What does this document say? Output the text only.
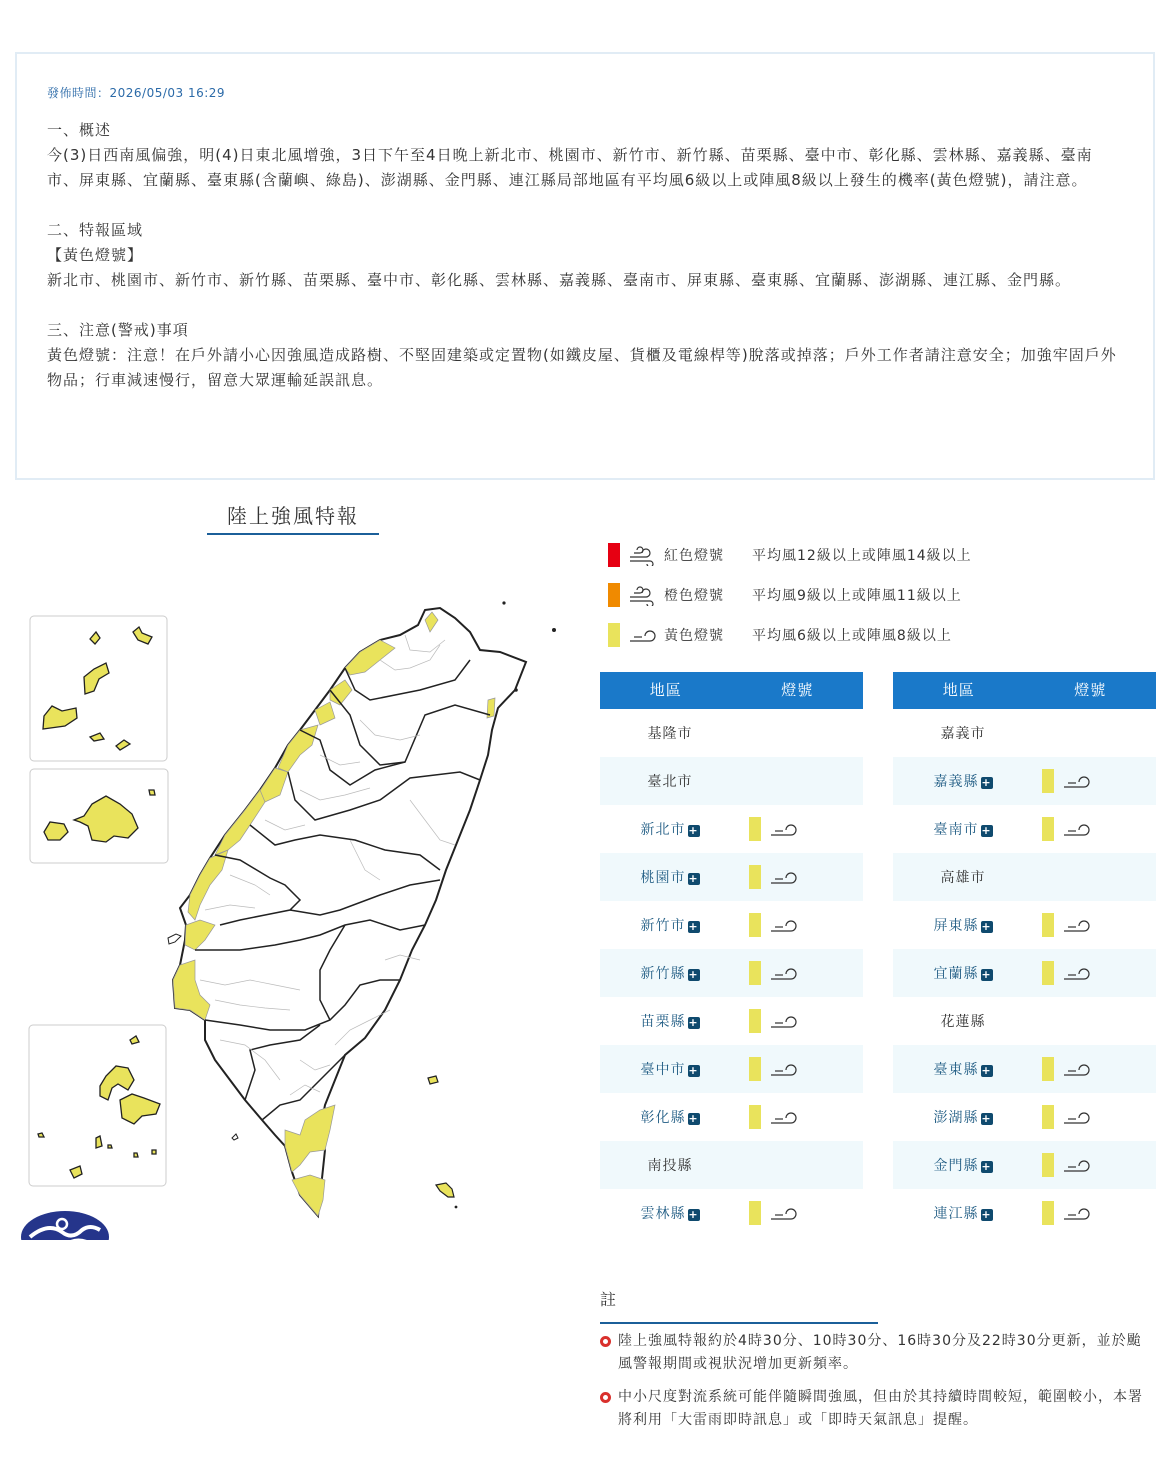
發佈時間：2026/05/03 16:29
一、概述
今(3)日西南風偏強，明(4)日東北風增強，3日下午至4日晚上新北市、桃園市、新竹市、新竹縣、苗栗縣、臺中市、彰化縣、雲林縣、嘉義縣、臺南市、屏東縣、宜蘭縣、臺東縣(含蘭嶼、綠島)、澎湖縣、金門縣、連江縣局部地區有平均風6級以上或陣風8級以上發生的機率(黃色燈號)，請注意。
二、特報區域
【黃色燈號】
新北市、桃園市、新竹市、新竹縣、苗栗縣、臺中市、彰化縣、雲林縣、嘉義縣、臺南市、屏東縣、臺東縣、宜蘭縣、澎湖縣、連江縣、金門縣。
三、注意(警戒)事項
黃色燈號：注意！在戶外請小心因強風造成路樹、不堅固建築或定置物(如鐵皮屋、貨櫃及電線桿等)脫落或掉落；戶外工作者請注意安全；加強牢固戶外物品；行車減速慢行，留意大眾運輸延誤訊息。
陸上強風特報
紅色燈號	平均風12級以上或陣風14級以上
橙色燈號	平均風9級以上或陣風11級以上
黃色燈號	平均風6級以上或陣風8級以上
地區	燈號
基隆市
臺北市
新北市 +
桃園市 +
新竹市 +
新竹縣 +
苗栗縣 +
臺中市 +
彰化縣 +
南投縣
雲林縣 +
地區	燈號
嘉義市
嘉義縣 +
臺南市 +
高雄市
屏東縣 +
宜蘭縣 +
花蓮縣
臺東縣 +
澎湖縣 +
金門縣 +
連江縣 +
註
陸上強風特報約於4時30分、10時30分、16時30分及22時30分更新，並於颱風警報期間或視狀況增加更新頻率。
中小尺度對流系統可能伴隨瞬間強風，但由於其持續時間較短，範圍較小，本署將利用「大雷雨即時訊息」或「即時天氣訊息」提醒。
